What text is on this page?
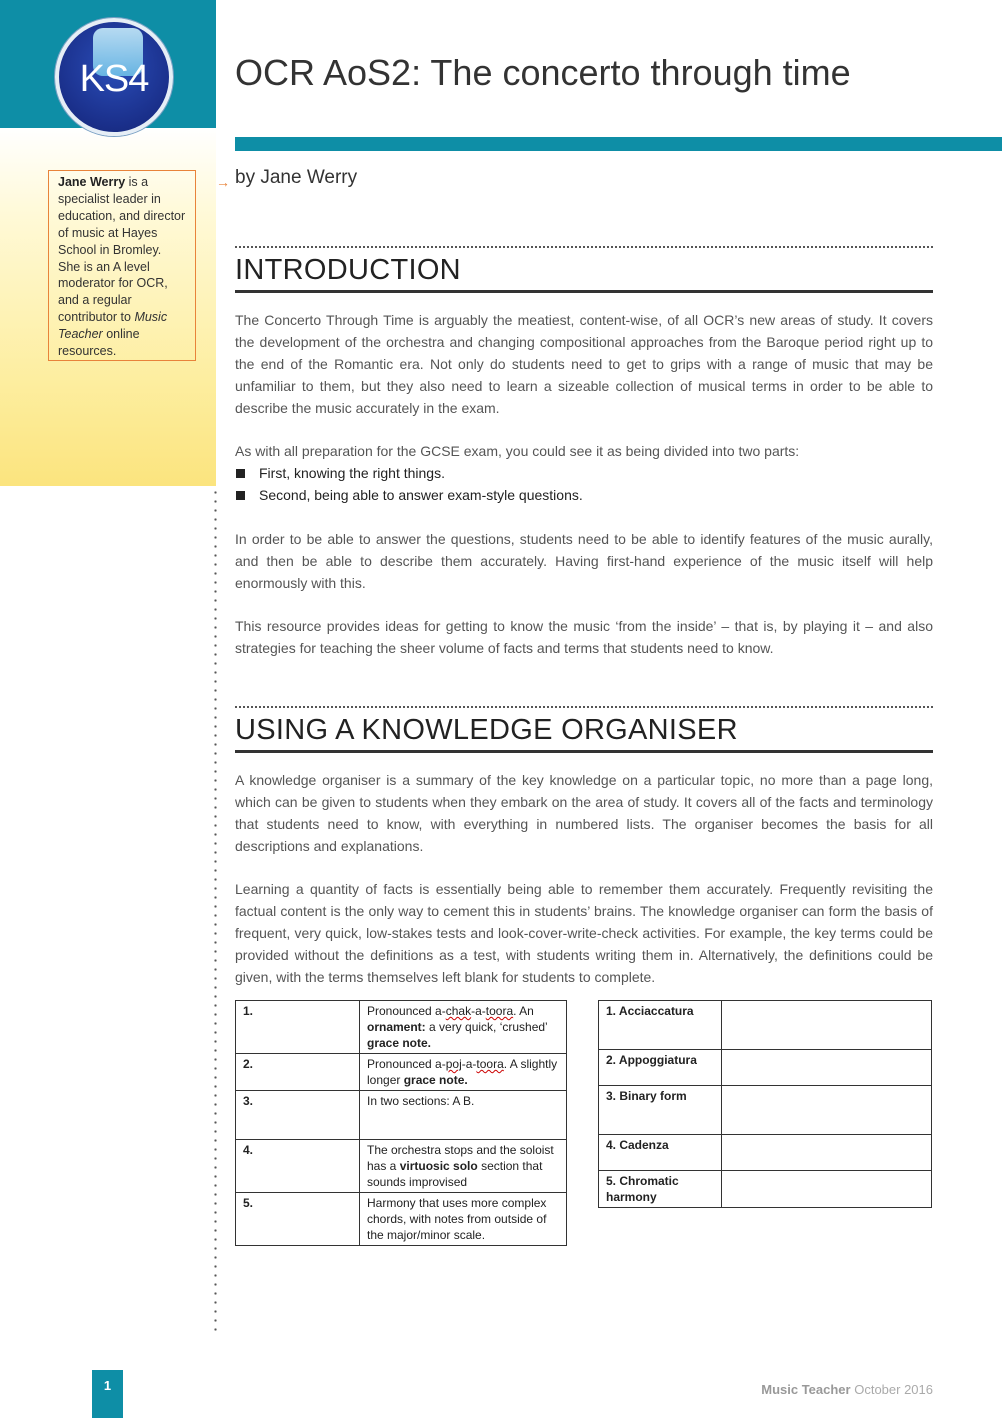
KS4	OCR AoS2: The concerto through time
→ by Jane Werry
Jane Werry is a specialist leader in education, and director of music at Hayes School in Bromley. She is an A level moderator for OCR, and a regular contributor to Music Teacher online resources.
INTRODUCTION

The Concerto Through Time is arguably the meatiest, content-wise, of all OCR’s new areas of study. It covers the development of the orchestra and changing compositional approaches from the Baroque period right up to the end of the Romantic era. Not only do students need to get to grips with a range of music that may be unfamiliar to them, but they also need to learn a sizeable collection of musical terms in order to be able to describe the music accurately in the exam.

As with all preparation for the GCSE exam, you could see it as being divided into two parts:

First, knowing the right things.
Second, being able to answer exam-style questions.

In order to be able to answer the questions, students need to be able to identify features of the music aurally, and then be able to describe them accurately. Having first-hand experience of the music itself will help enormously with this.

This resource provides ideas for getting to know the music ‘from the inside’ – that is, by playing it – and also strategies for teaching the sheer volume of facts and terms that students need to know.

USING A KNOWLEDGE ORGANISER

A knowledge organiser is a summary of the key knowledge on a particular topic, no more than a page long, which can be given to students when they embark on the area of study. It covers all of the facts and terminology that students need to know, with everything in numbered lists. The organiser becomes the basis for all descriptions and explanations.

Learning a quantity of facts is essentially being able to remember them accurately. Frequently revisiting the factual content is the only way to cement this in students’ brains. The knowledge organiser can form the basis of frequent, very quick, low-stakes tests and look-cover-write-check activities. For example, the key terms could be provided without the definitions as a test, with students writing them in. Alternatively, the definitions could be given, with the terms themselves left blank for students to complete.

1.	Pronounced a-chak-a-toora. An ornament: a very quick, ‘crushed’ grace note.
2.	Pronounced a-poj-a-toora. A slightly longer grace note.
3.	In two sections: A B.
4.	The orchestra stops and the soloist has a virtuosic solo section that sounds improvised
5.	Harmony that uses more complex chords, with notes from outside of the major/minor scale.
1. Acciaccatura	
2. Appoggiatura	
3. Binary form	
4. Cadenza	
5. Chromatic harmony	
1	Music Teacher October 2016
